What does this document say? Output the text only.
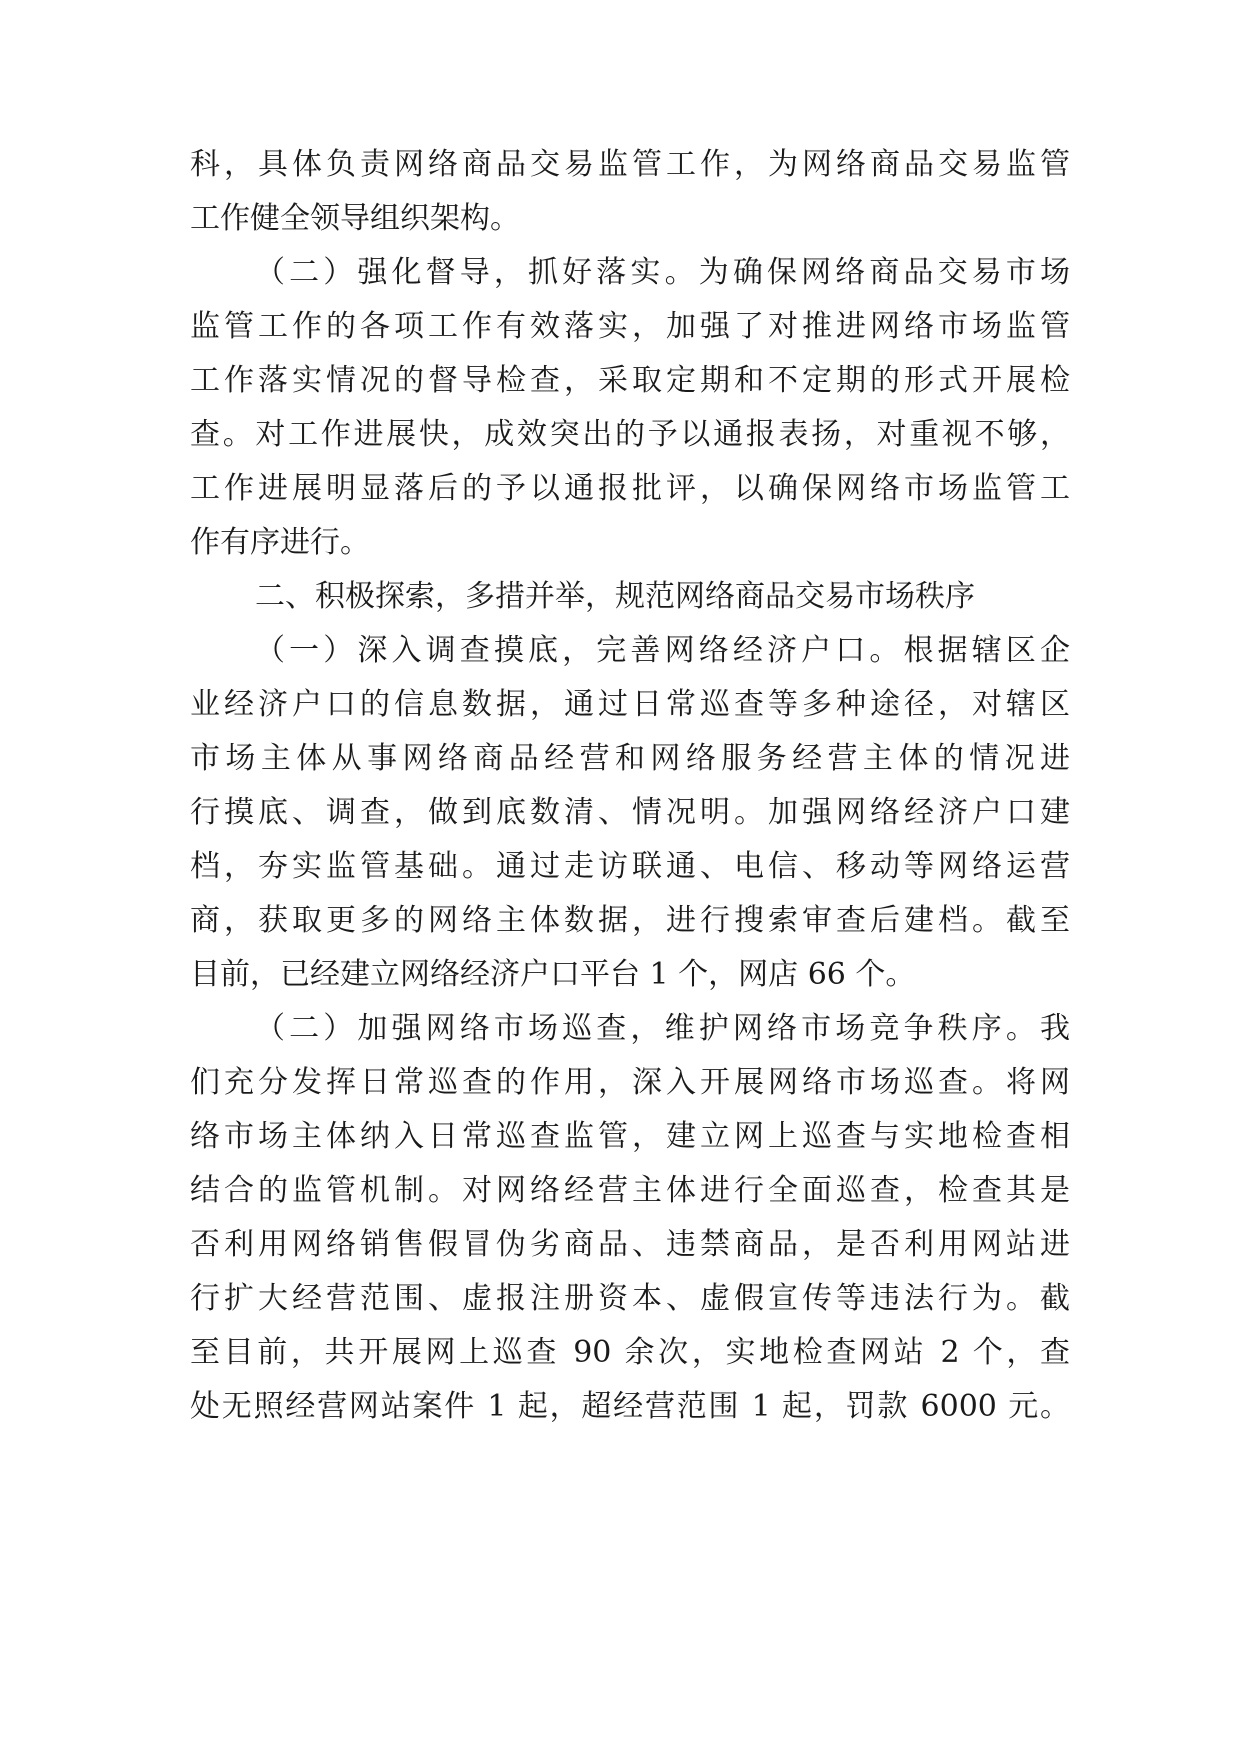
科，具体负责网络商品交易监管工作，为网络商品交易监管
工作健全领导组织架构。
（二）强化督导，抓好落实。为确保网络商品交易市场
监管工作的各项工作有效落实，加强了对推进网络市场监管
工作落实情况的督导检查，采取定期和不定期的形式开展检
查。对工作进展快，成效突出的予以通报表扬，对重视不够，
工作进展明显落后的予以通报批评，以确保网络市场监管工
作有序进行。
二、积极探索，多措并举，规范网络商品交易市场秩序
（一）深入调查摸底，完善网络经济户口。根据辖区企
业经济户口的信息数据，通过日常巡查等多种途径，对辖区
市场主体从事网络商品经营和网络服务经营主体的情况进
行摸底、调查，做到底数清、情况明。加强网络经济户口建
档，夯实监管基础。通过走访联通、电信、移动等网络运营
商，获取更多的网络主体数据，进行搜索审查后建档。截至
目前，已经建立网络经济户口平台 1 个，网店 66 个。
（二）加强网络市场巡查，维护网络市场竞争秩序。我
们充分发挥日常巡查的作用，深入开展网络市场巡查。将网
络市场主体纳入日常巡查监管，建立网上巡查与实地检查相
结合的监管机制。对网络经营主体进行全面巡查，检查其是
否利用网络销售假冒伪劣商品、违禁商品，是否利用网站进
行扩大经营范围、虚报注册资本、虚假宣传等违法行为。截
至目前，共开展网上巡查 90 余次，实地检查网站 2 个，查
处无照经营网站案件 1 起，超经营范围 1 起，罚款 6000 元。
